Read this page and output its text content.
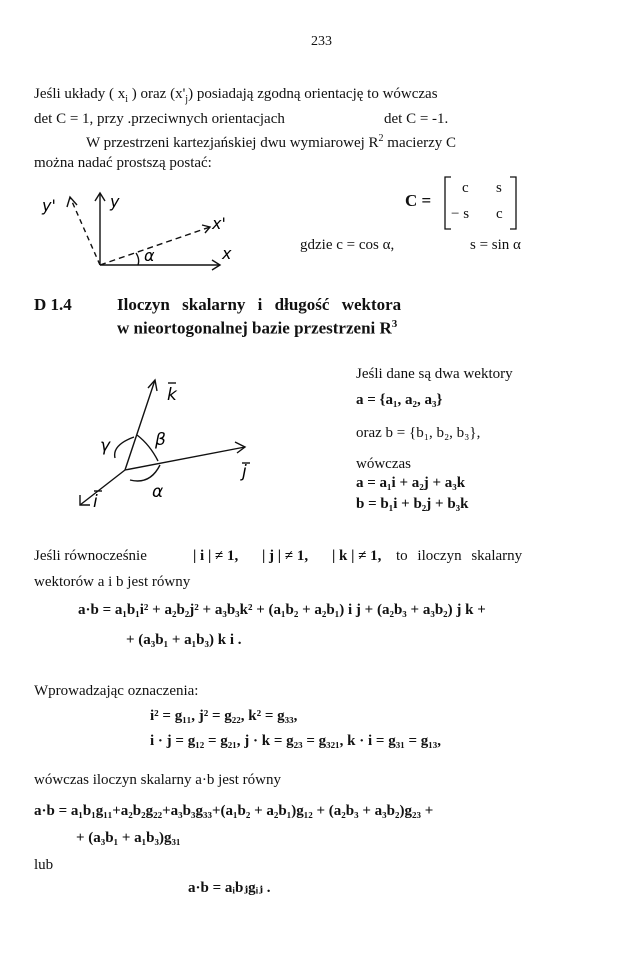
233
Jeśli układy ( $x_i$ ) oraz $(x'_j)$ posiadają zgodną orientację to wówczas
det C = 1, przy .przeciwnych orientacjach	det C = -1.
W przestrzeni kartezjańskiej dwu wymiarowej $R^2$ macierzy C
można nadać prostszą postać:
y'	y
x'
x
α
C =
c s
− s c
gdzie c = cos α,	s = sin α
D 1.4	Iloczyn skalarny i długość wektora
w nieortogonalnej bazie przestrzeni $R^3$
k
j
i	α
β
γ
Jeśli dane są dwa wektory
a = {a₁, a₂, a₃}
oraz b = {b₁, b₂, b₃},
wówczas
a = a₁i + a₂j + a₃k
b = b₁i + b₂j + b₃k
Jeśli równocześnie	| i | ≠ 1, | j | ≠ 1, | k | ≠ 1, to iloczyn skalarny
wektorów a i b jest równy
a·b = a₁b₁i² + a₂b₂j² + a₃b₃k² + (a₁b₂ + a₂b₁) i j + (a₂b₃ + a₃b₂) j k +
+ (a₃b₁ + a₁b₃) k i .
Wprowadzając oznaczenia:
i² = g₁₁, j² = g₂₂, k² = g₃₃,
i · j = g₁₂ = g₂₁, j · k = g₂₃ = g₃₂₁, k · i = g₃₁ = g₁₃,
wówczas iloczyn skalarny a·b jest równy
a·b = a₁b₁g₁₁+a₂b₂g₂₂+a₃b₃g₃₃+(a₁b₂ + a₂b₁)g₁₂ + (a₂b₃ + a₃b₂)g₂₃ +
+ (a₃b₁ + a₁b₃)g₃₁
lub
a·b = aᵢbⱼgᵢⱼ .
